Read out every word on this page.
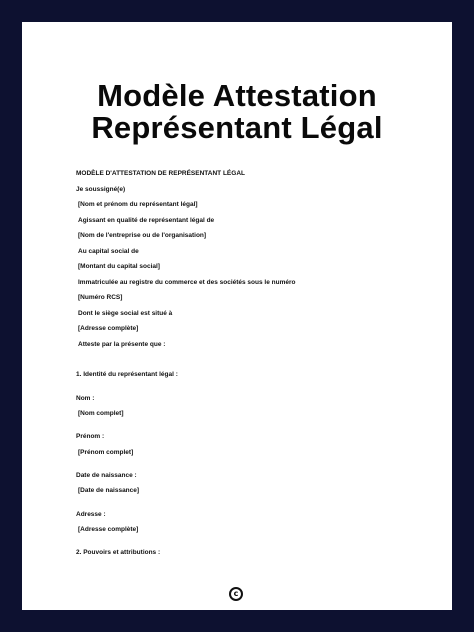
Modèle Attestation
Représentant Légal
MODÈLE D'ATTESTATION DE REPRÉSENTANT LÉGAL
Je soussigné(e)
[Nom et prénom du représentant légal]
Agissant en qualité de représentant légal de
[Nom de l'entreprise ou de l'organisation]
Au capital social de
[Montant du capital social]
Immatriculée au registre du commerce et des sociétés sous le numéro
[Numéro RCS]
Dont le siège social est situé à
[Adresse complète]
Atteste par la présente que :
1. Identité du représentant légal :
Nom :
[Nom complet]
Prénom :
[Prénom complet]
Date de naissance :
[Date de naissance]
Adresse :
[Adresse complète]
2. Pouvoirs et attributions :
c
